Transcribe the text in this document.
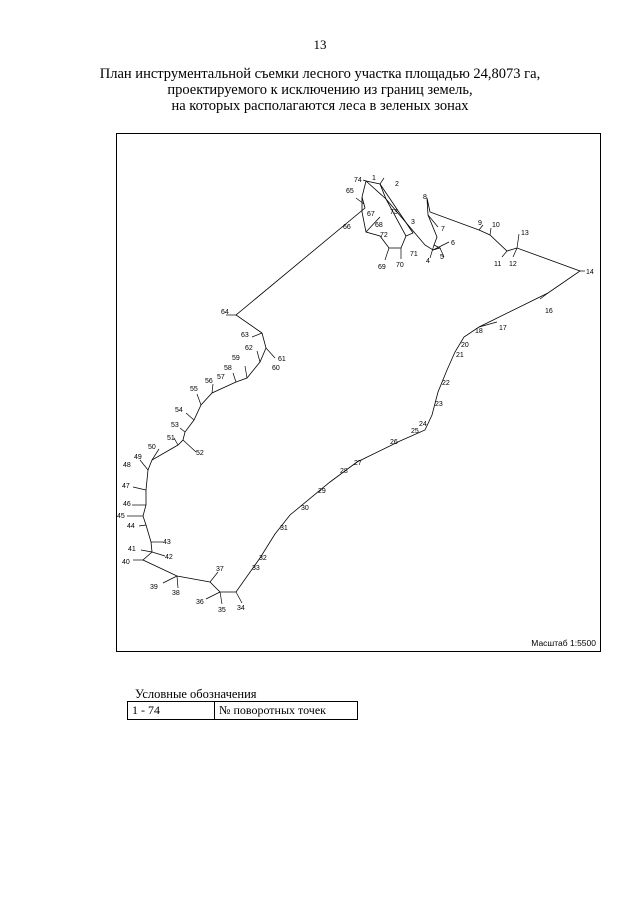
13
План инструментальной съемки лесного участка площадью 24,8073 га,
проектируемого к исключению из границ земель,
на которых располагаются леса в зеленых зонах
74 1
2
65
73
67
3
8
7
68
66
72
6
71
4
5
9 10
13
69 70	11 12
14
16
64
17
18
63
62
61
60
20
21
59
58
57
56
55
22
23
54
53	24
25
51
52
26
50
49
48	27
28
47
29
46
45
30
44	31
43
41
42
40
32
33
39
37
38
36
35 34
Масштаб 1:5500
Условные обозначения
1 - 74	№ поворотных точек
